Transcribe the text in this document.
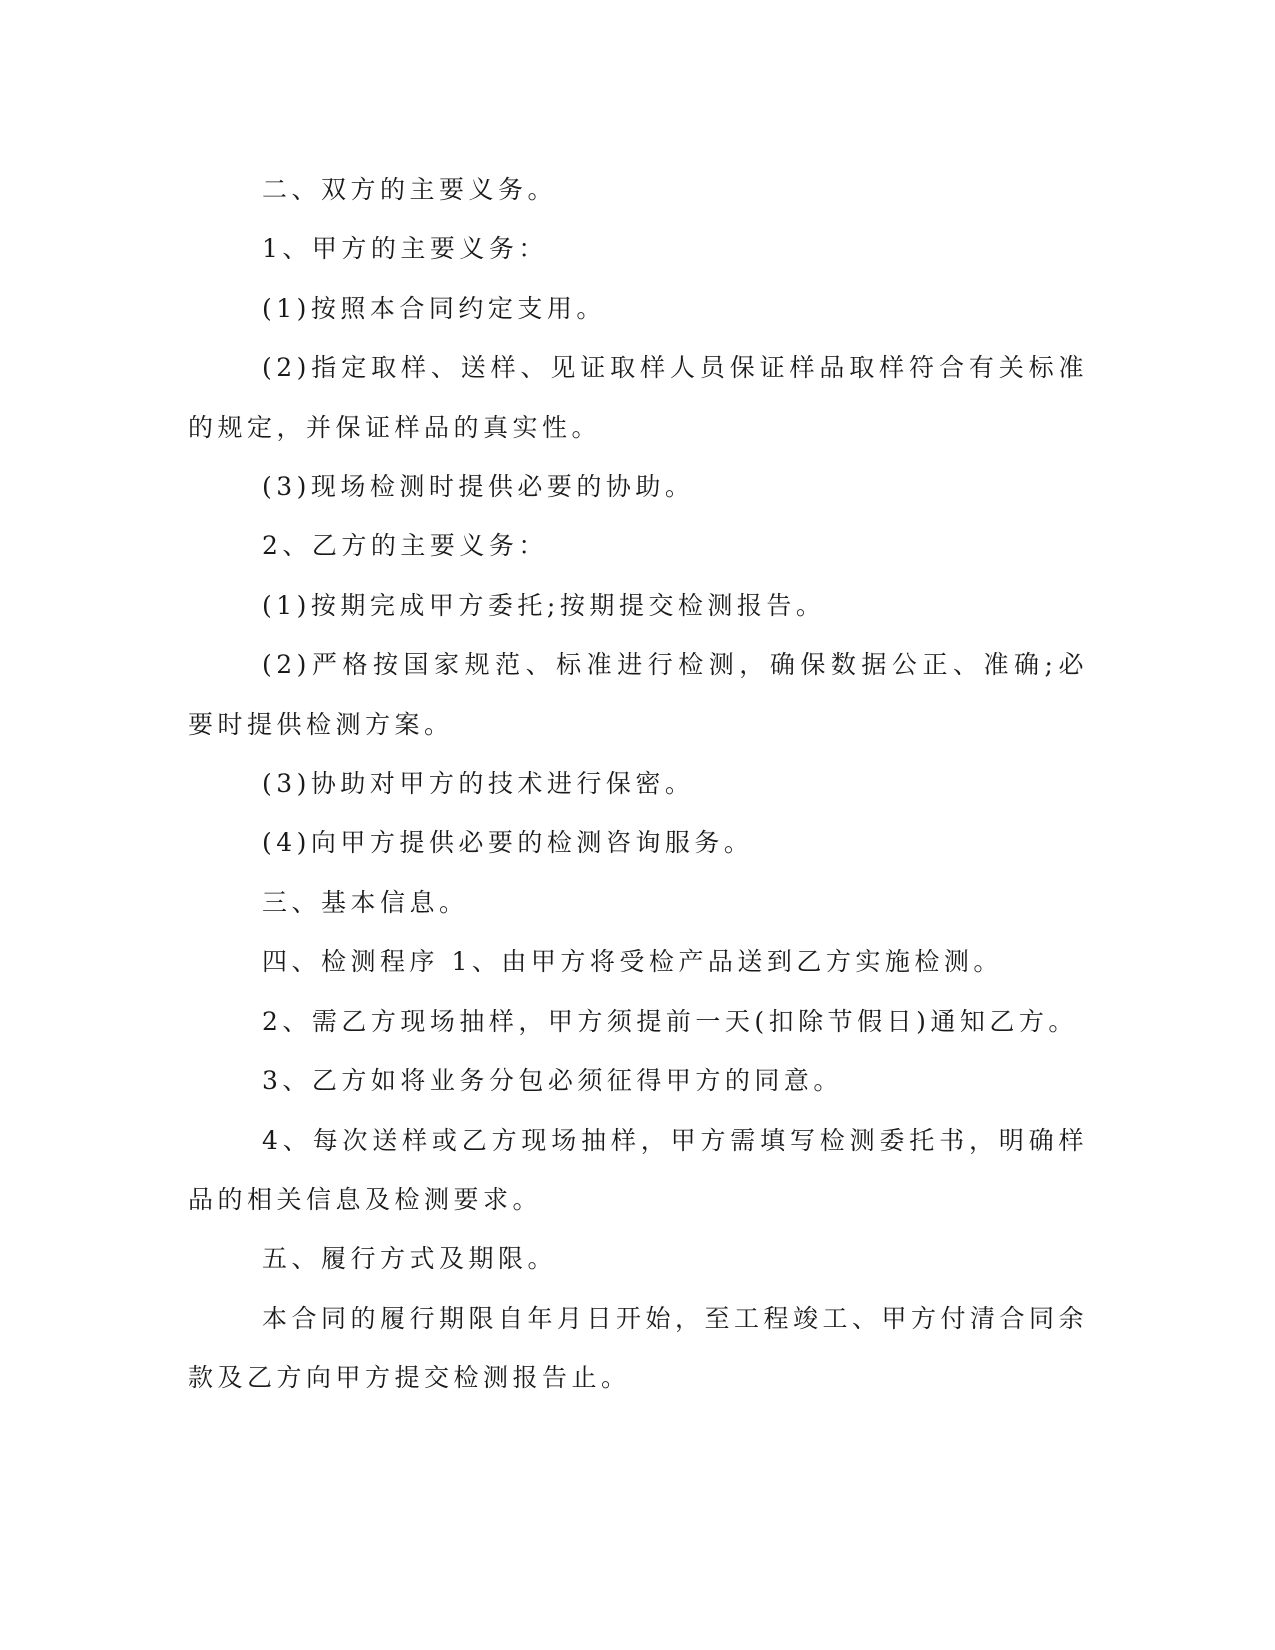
二、双方的主要义务。

1、甲方的主要义务：

(1)按照本合同约定支用。

(2)指定取样、送样、见证取样人员保证样品取样符合有关标准的规定，并保证样品的真实性。

(3)现场检测时提供必要的协助。

2、乙方的主要义务：

(1)按期完成甲方委托;按期提交检测报告。

(2)严格按国家规范、标准进行检测，确保数据公正、准确;必要时提供检测方案。

(3)协助对甲方的技术进行保密。

(4)向甲方提供必要的检测咨询服务。

三、基本信息。

四、检测程序 1、由甲方将受检产品送到乙方实施检测。

2、需乙方现场抽样，甲方须提前一天(扣除节假日)通知乙方。

3、乙方如将业务分包必须征得甲方的同意。

4、每次送样或乙方现场抽样，甲方需填写检测委托书，明确样品的相关信息及检测要求。

五、履行方式及期限。

本合同的履行期限自年月日开始，至工程竣工、甲方付清合同余款及乙方向甲方提交检测报告止。
